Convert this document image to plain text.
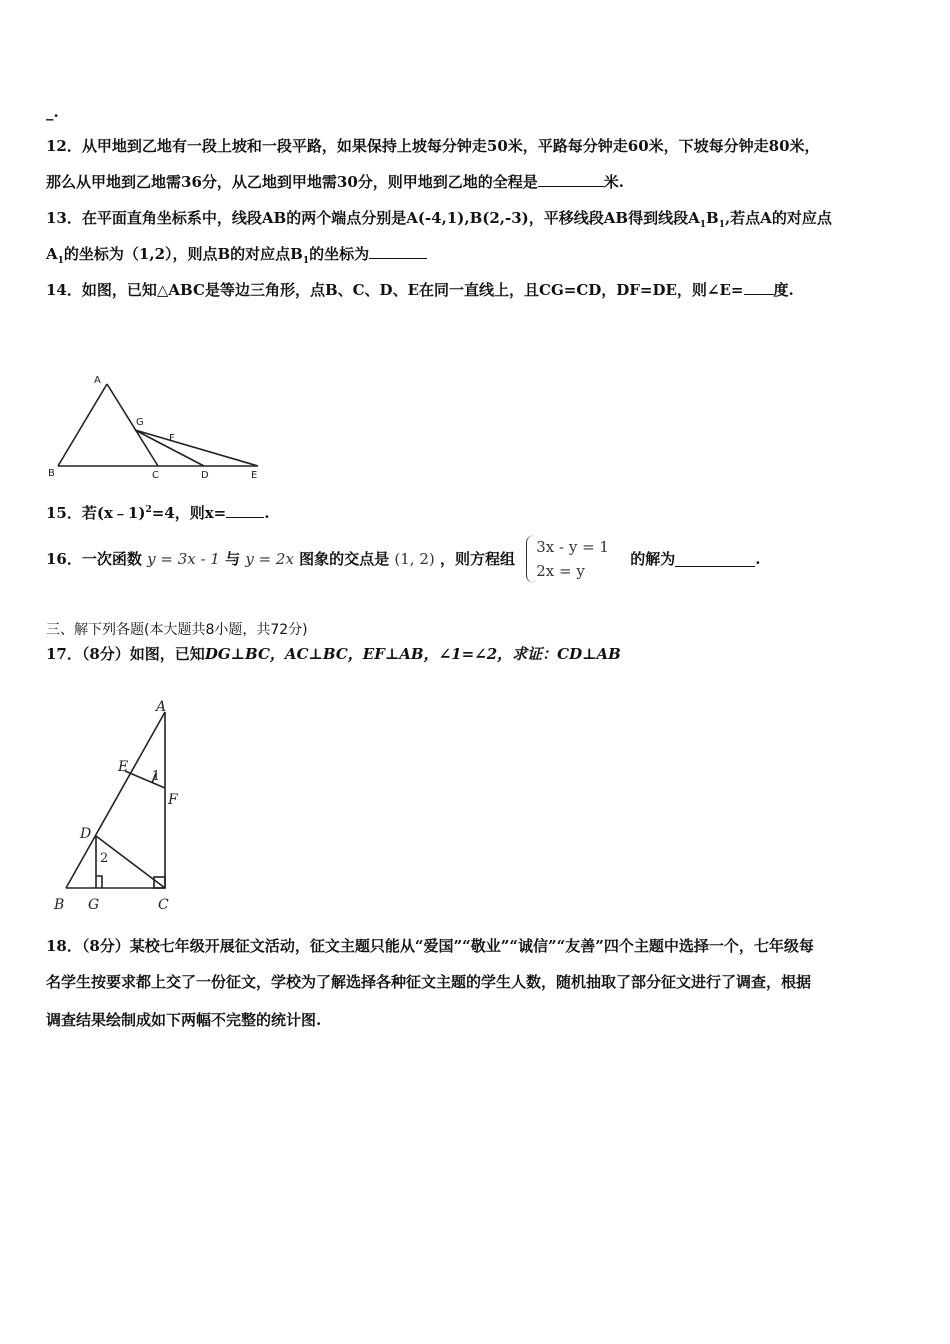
_.
12．从甲地到乙地有一段上坡和一段平路，如果保持上坡每分钟走50米，平路每分钟走60米，下坡每分钟走80米，
那么从甲地到乙地需36分，从乙地到甲地需30分，则甲地到乙地的全程是	米.
13．在平面直角坐标系中，线段AB的两个端点分别是A(-4,1),B(2,-3)，平移线段AB得到线段$A_1B_1$,若点A的对应点
$A_1$的坐标为（1,2），则点B的对应点$B_1$的坐标为
14．如图，已知△ABC是等边三角形，点B、C、D、E在同一直线上，且CG=CD，DF=DE，则∠E= 度.
A
B	C	D	E
F
G
15．若(x﹣1)$^2$=4，则x=	.
16．一次函数 y = 3x - 1 与 y = 2x 图象的交点是 (1, 2) ，则方程组
3x - y = 1
2x = y
的解为	.
三、解下列各题(本大题共8小题，共72分)
17．（8分）如图，已知DG⊥BC，AC⊥BC，EF⊥AB，∠1=∠2，求证：CD⊥AB
A
B	C
D
E
F
G
1
2
18．（8分）某校七年级开展征文活动，征文主题只能从“爱国”“敬业”“诚信”“友善”四个主题中选择一个，七年级每
名学生按要求都上交了一份征文，学校为了解选择各种征文主题的学生人数，随机抽取了部分征文进行了调查，根据
调查结果绘制成如下两幅不完整的统计图.
